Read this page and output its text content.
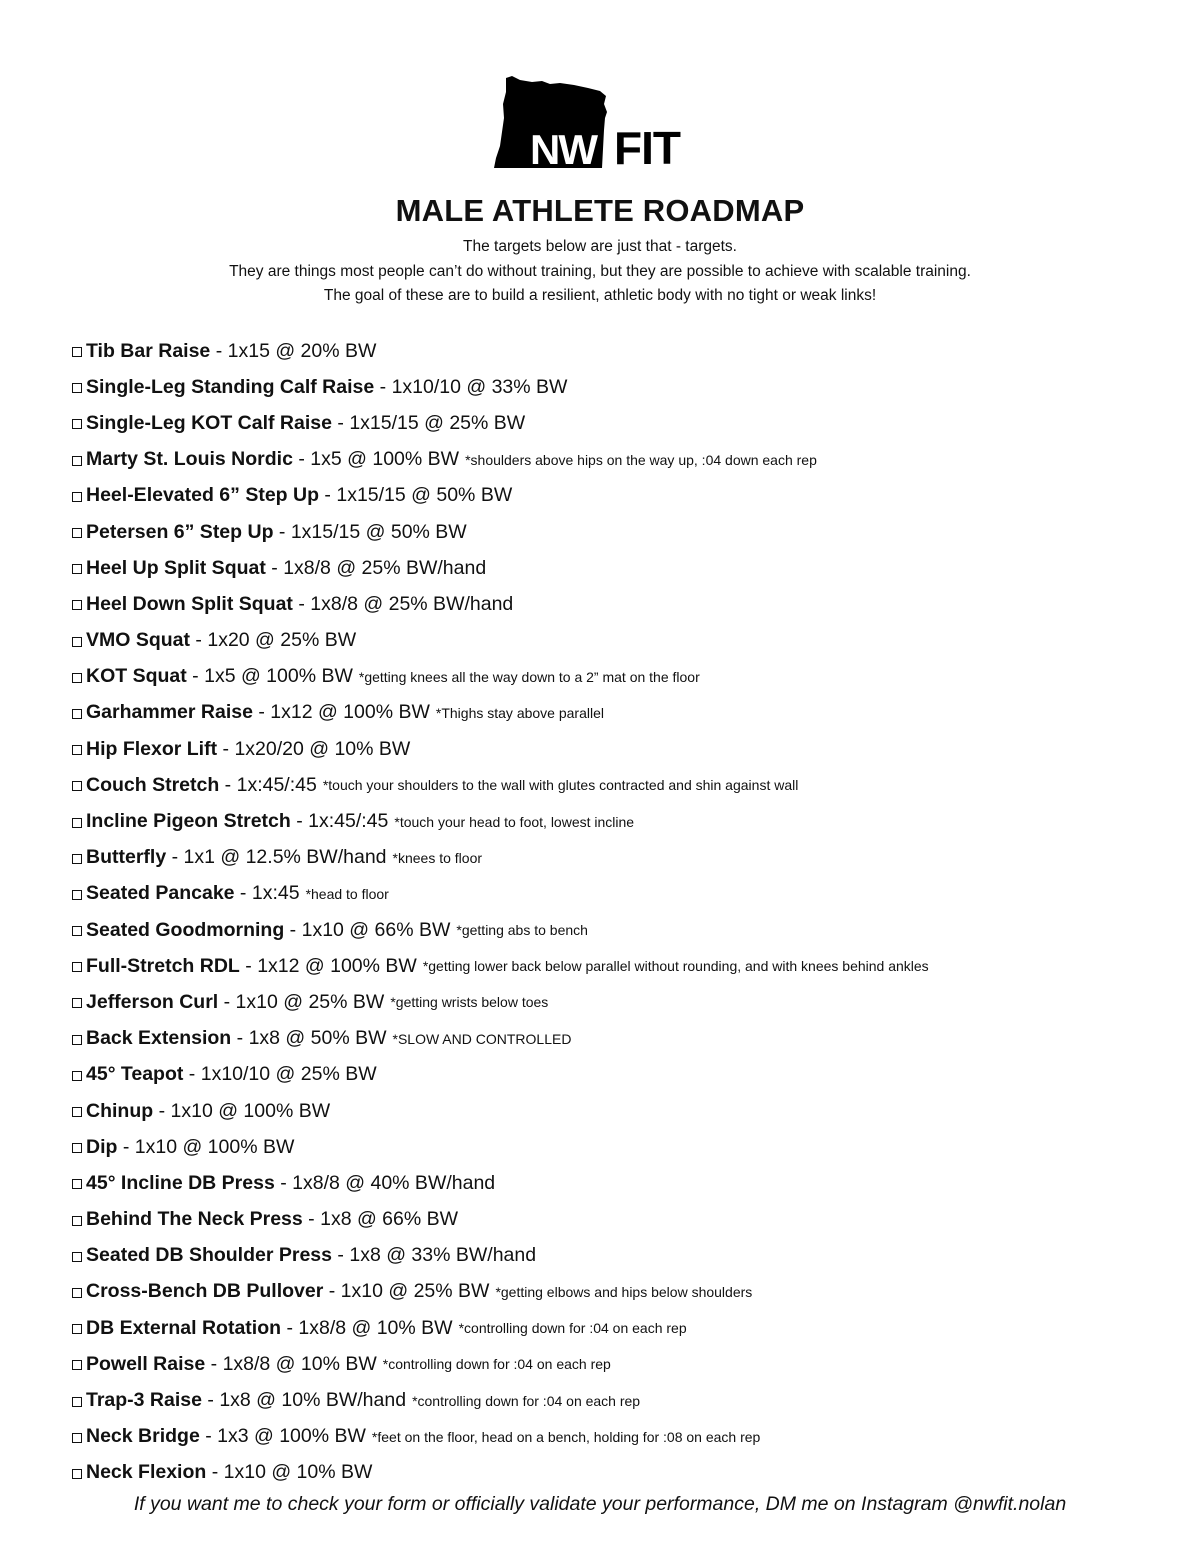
NW FIT
MALE ATHLETE ROADMAP
The targets below are just that - targets.
They are things most people can’t do without training, but they are possible to achieve with scalable training.
The goal of these are to build a resilient, athletic body with no tight or weak links!
Tib Bar Raise - 1x15 @ 20% BW
Single-Leg Standing Calf Raise - 1x10/10 @ 33% BW
Single-Leg KOT Calf Raise - 1x15/15 @ 25% BW
Marty St. Louis Nordic - 1x5 @ 100% BW *shoulders above hips on the way up, :04 down each rep
Heel-Elevated 6” Step Up - 1x15/15 @ 50% BW
Petersen 6” Step Up - 1x15/15 @ 50% BW
Heel Up Split Squat - 1x8/8 @ 25% BW/hand
Heel Down Split Squat - 1x8/8 @ 25% BW/hand
VMO Squat - 1x20 @ 25% BW
KOT Squat - 1x5 @ 100% BW *getting knees all the way down to a 2” mat on the floor
Garhammer Raise - 1x12 @ 100% BW *Thighs stay above parallel
Hip Flexor Lift - 1x20/20 @ 10% BW
Couch Stretch - 1x:45/:45 *touch your shoulders to the wall with glutes contracted and shin against wall
Incline Pigeon Stretch - 1x:45/:45 *touch your head to foot, lowest incline
Butterfly - 1x1 @ 12.5% BW/hand *knees to floor
Seated Pancake - 1x:45 *head to floor
Seated Goodmorning - 1x10 @ 66% BW *getting abs to bench
Full-Stretch RDL - 1x12 @ 100% BW *getting lower back below parallel without rounding, and with knees behind ankles
Jefferson Curl - 1x10 @ 25% BW *getting wrists below toes
Back Extension - 1x8 @ 50% BW *SLOW AND CONTROLLED
45° Teapot - 1x10/10 @ 25% BW
Chinup - 1x10 @ 100% BW
Dip - 1x10 @ 100% BW
45° Incline DB Press - 1x8/8 @ 40% BW/hand
Behind The Neck Press - 1x8 @ 66% BW
Seated DB Shoulder Press - 1x8 @ 33% BW/hand
Cross-Bench DB Pullover - 1x10 @ 25% BW *getting elbows and hips below shoulders
DB External Rotation - 1x8/8 @ 10% BW *controlling down for :04 on each rep
Powell Raise - 1x8/8 @ 10% BW *controlling down for :04 on each rep
Trap-3 Raise - 1x8 @ 10% BW/hand *controlling down for :04 on each rep
Neck Bridge - 1x3 @ 100% BW *feet on the floor, head on a bench, holding for :08 on each rep
Neck Flexion - 1x10 @ 10% BW
If you want me to check your form or officially validate your performance, DM me on Instagram @nwfit.nolan
